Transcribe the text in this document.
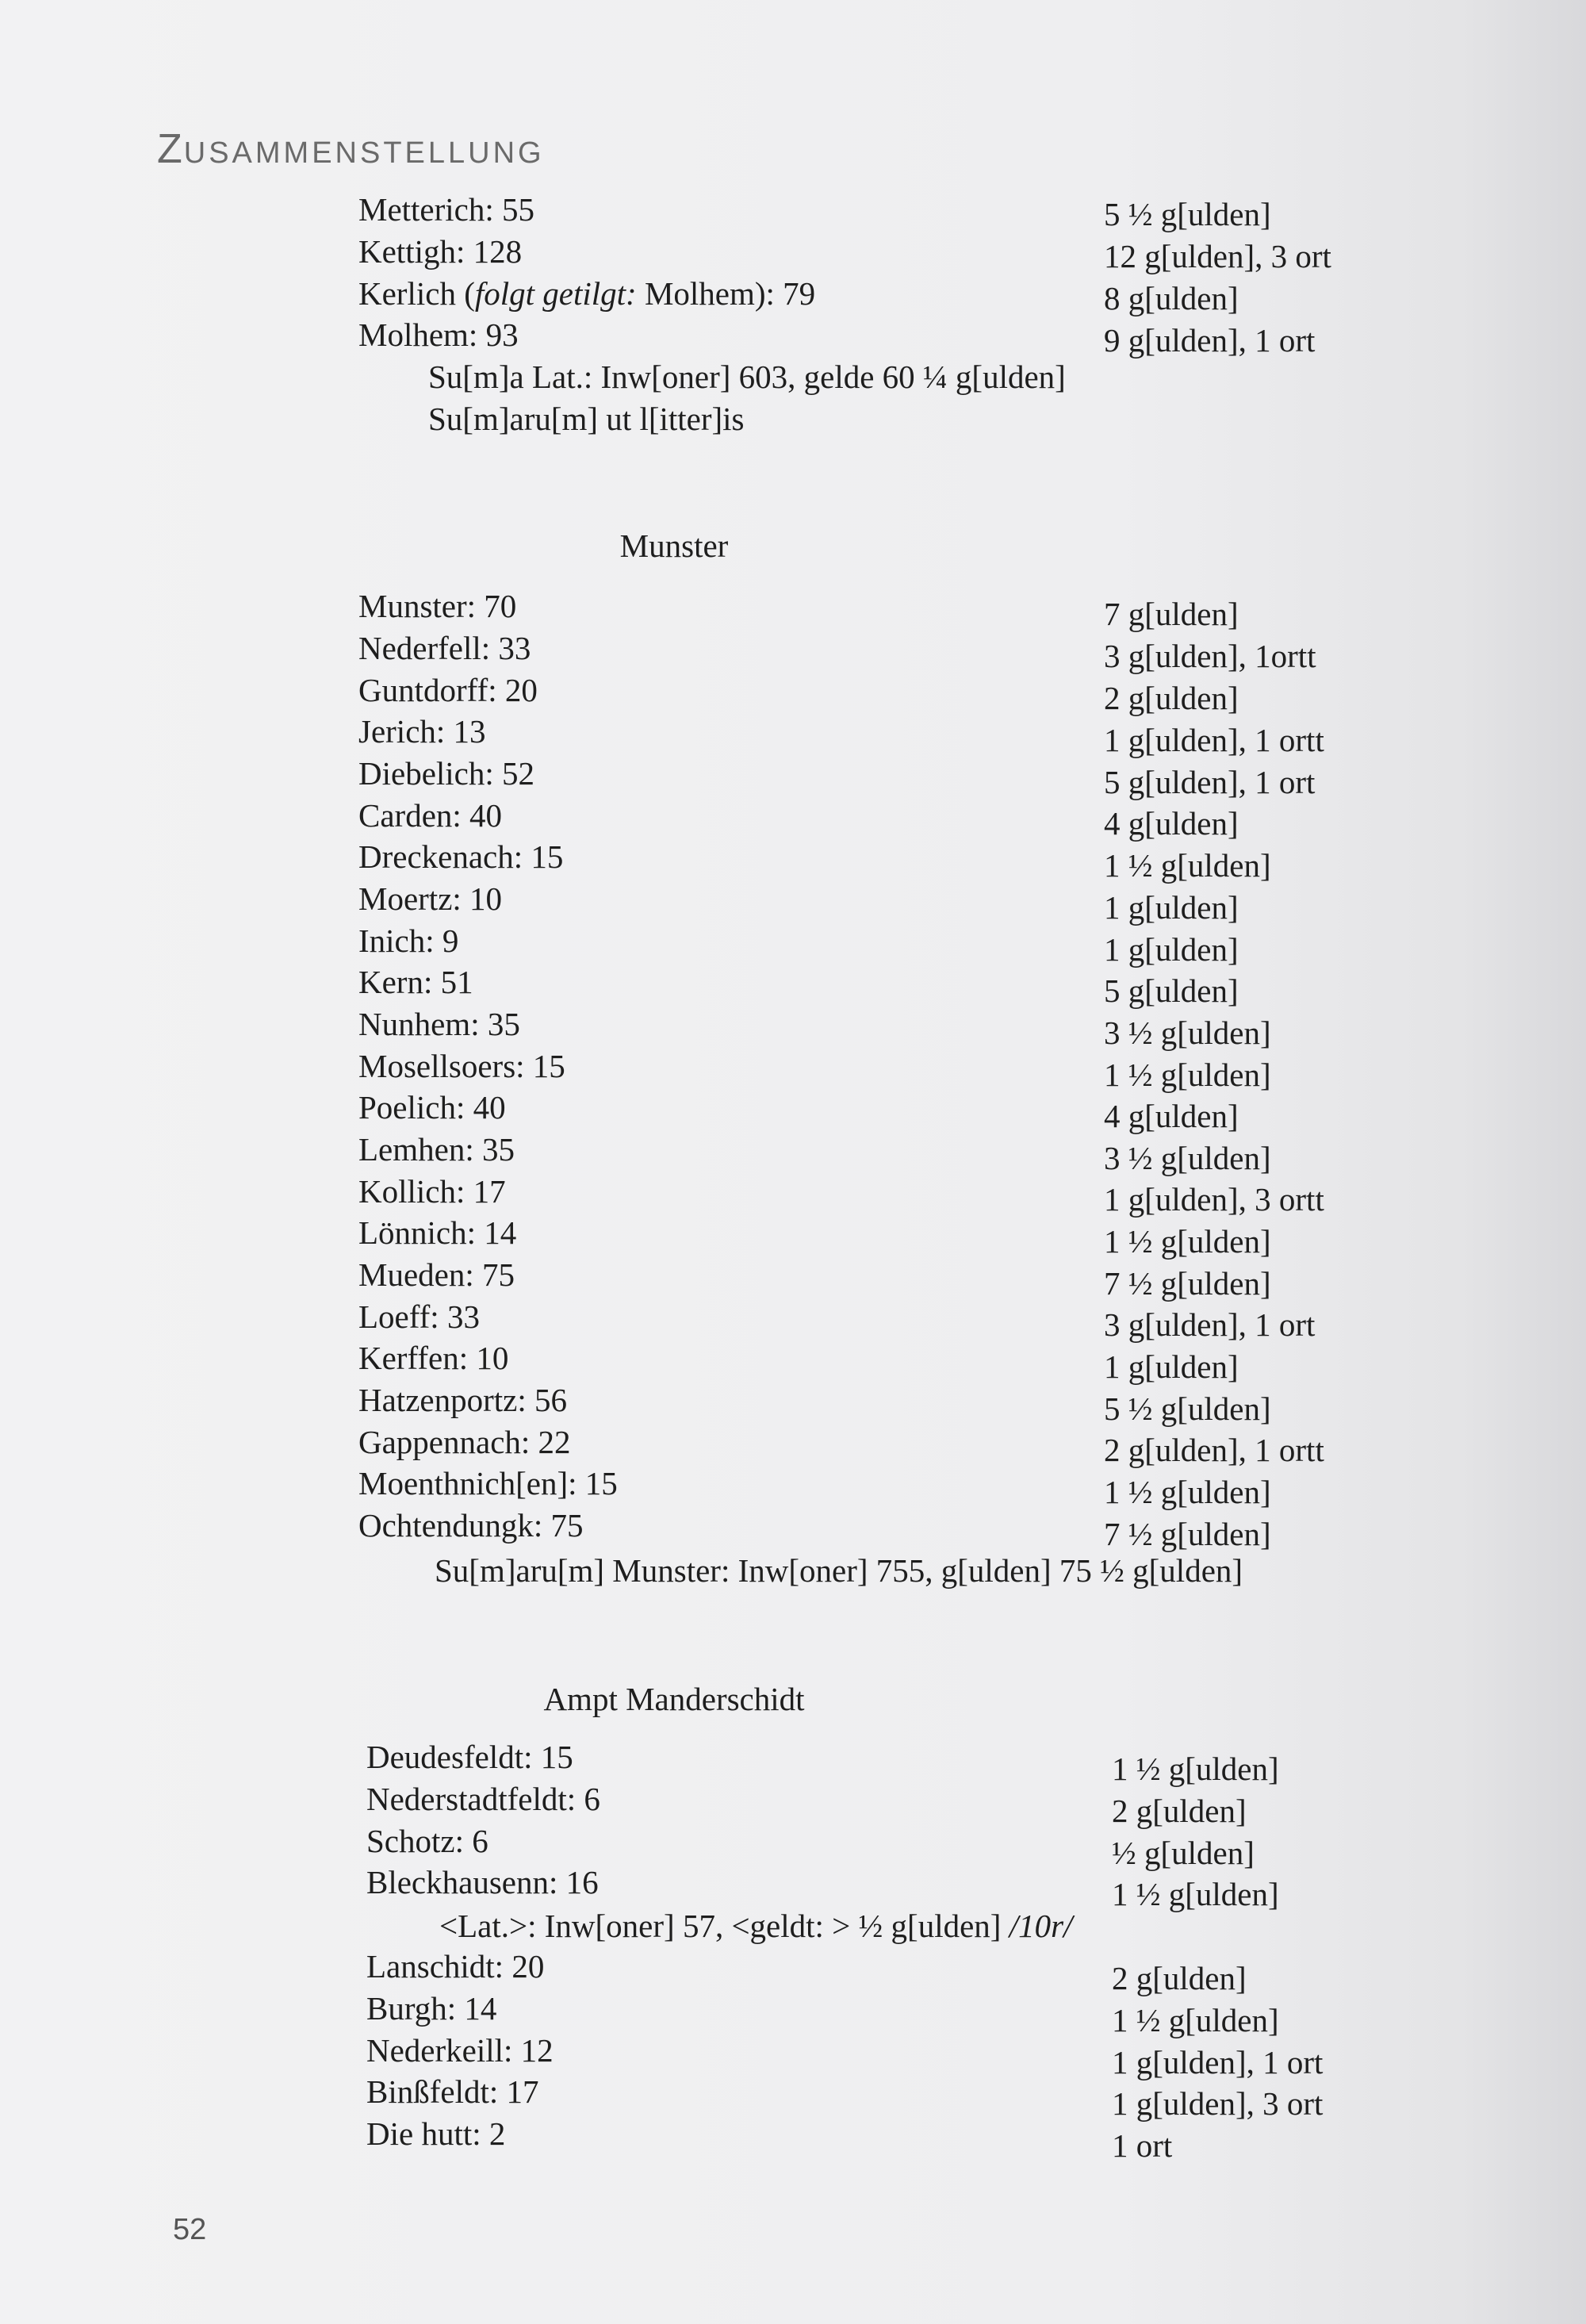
ZUSAMMENSTELLUNG
Metterich: 55	5 ½ g[ulden]
Kettigh: 128	12 g[ulden], 3 ort
Kerlich (folgt getilgt: Molhem): 79	8 g[ulden]
Molhem: 93	9 g[ulden], 1 ort
Su[m]a Lat.: Inw[oner] 603, gelde 60 ¼ g[ulden]
Su[m]aru[m] ut l[itter]is
Munster
Munster: 70	7 g[ulden]
Nederfell: 33	3 g[ulden], 1ortt
Guntdorff: 20	2 g[ulden]
Jerich: 13	1 g[ulden], 1 ortt
Diebelich: 52	5 g[ulden], 1 ort
Carden: 40	4 g[ulden]
Dreckenach: 15	1 ½ g[ulden]
Moertz: 10	1 g[ulden]
Inich: 9	1 g[ulden]
Kern: 51	5 g[ulden]
Nunhem: 35	3 ½ g[ulden]
Mosellsoers: 15	1 ½ g[ulden]
Poelich: 40	4 g[ulden]
Lemhen: 35	3 ½ g[ulden]
Kollich: 17	1 g[ulden], 3 ortt
Lönnich: 14	1 ½ g[ulden]
Mueden: 75	7 ½ g[ulden]
Loeff: 33	3 g[ulden], 1 ort
Kerffen: 10	1 g[ulden]
Hatzenportz: 56	5 ½ g[ulden]
Gappennach: 22	2 g[ulden], 1 ortt
Moenthnich[en]: 15	1 ½ g[ulden]
Ochtendungk: 75	7 ½ g[ulden]
Su[m]aru[m] Munster: Inw[oner] 755, g[ulden] 75 ½ g[ulden]
Ampt Manderschidt
Deudesfeldt: 15	1 ½ g[ulden]
Nederstadtfeldt: 6	2 g[ulden]
Schotz: 6	½ g[ulden]
Bleckhausenn: 16	1 ½ g[ulden]
<Lat.>: Inw[oner] 57, <geldt: > ½ g[ulden] /10r/
Lanschidt: 20	2 g[ulden]
Burgh: 14	1 ½ g[ulden]
Nederkeill: 12	1 g[ulden], 1 ort
Binßfeldt: 17	1 g[ulden], 3 ort
Die hutt: 2	1 ort
52
